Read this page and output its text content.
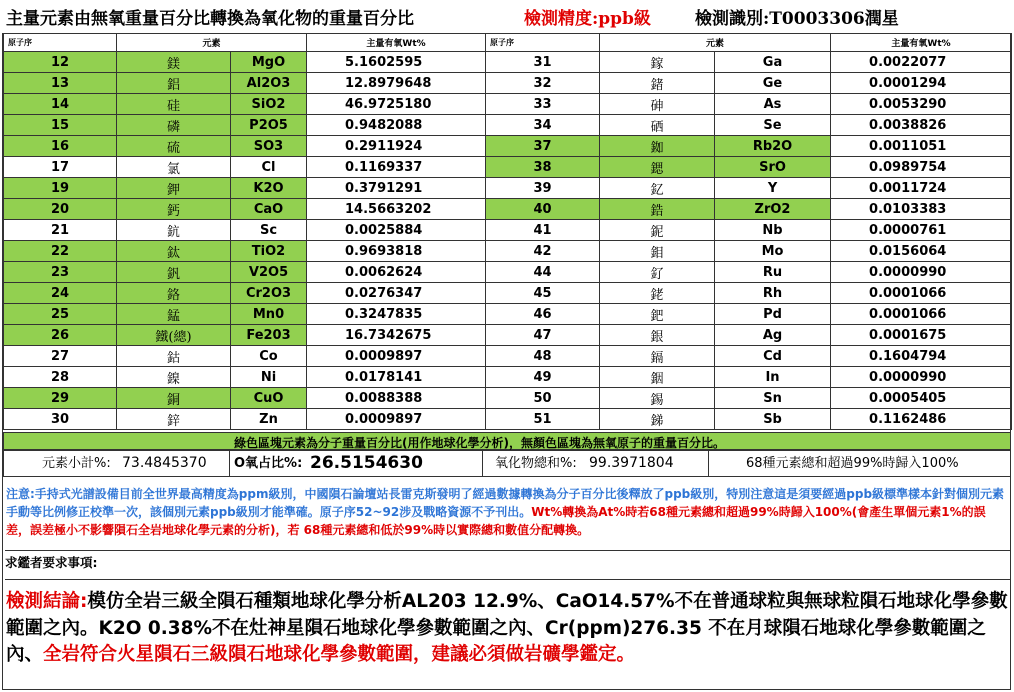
主量元素由無氧重量百分比轉換為氧化物的重量百分比	檢測精度:ppb級	檢測識別:T0003306潤星
原子序	元素		主量有氧Wt%	原子序	元素		主量有氧Wt%
12	鎂	MgO	5.1602595	31	鎵	Ga	0.0022077
13	鋁	Al2O3	12.8979648	32	鍺	Ge	0.0001294
14	硅	SiO2	46.9725180	33	砷	As	0.0053290
15	磷	P2O5	0.9482088	34	硒	Se	0.0038826
16	硫	SO3	0.2911924	37	銣	Rb2O	0.0011051
17	氯	Cl	0.1169337	38	鍶	SrO	0.0989754
19	鉀	K2O	0.3791291	39	釔	Y	0.0011724
20	鈣	CaO	14.5663202	40	鋯	ZrO2	0.0103383
21	鈧	Sc	0.0025884	41	鈮	Nb	0.0000761
22	鈦	TiO2	0.9693818	42	鉬	Mo	0.0156064
23	釩	V2O5	0.0062624	44	釕	Ru	0.0000990
24	鉻	Cr2O3	0.0276347	45	銠	Rh	0.0001066
25	錳	Mn0	0.3247835	46	鈀	Pd	0.0001066
26	鐵(總)	Fe203	16.7342675	47	銀	Ag	0.0001675
27	鈷	Co	0.0009897	48	鎘	Cd	0.1604794
28	鎳	Ni	0.0178141	49	銦	In	0.0000990
29	銅	CuO	0.0088388	50	錫	Sn	0.0005405
30	鋅	Zn	0.0009897	51	銻	Sb	0.1162486
綠色區塊元素為分子重量百分比(用作地球化學分析)，無顏色區塊為無氧原子的重量百分比。
元素小計%: 73.4845370 O氧占比%: 26.5154630	氧化物總和%: 99.3971804	68種元素總和超過99%時歸入100%
注意:手持式光譜設備目前全世界最高精度為ppm級別，中國隕石論壇站長雷克斯發明了經過數據轉換為分子百分比後釋放了ppb級別，特別注意這是須要經過ppb級標準樣本針對個別元素手動等比例修正校準一次，該個別元素ppb級別才能準確。原子序52~92涉及戰略資源不予刊出。Wt%轉換為At%時若68種元素總和超過99%時歸入100%(會產生單個元素1%的誤差，誤差極小不影響隕石全岩地球化學元素的分析)，若 68種元素總和低於99%時以實際總和數值分配轉換。
求鑑者要求事項:
檢測結論:模仿全岩三級全隕石種類地球化學分析AL203 12.9%、CaO14.57%不在普通球粒與無球粒隕石地球化學參數範圍之內。K2O 0.38%不在灶神星隕石地球化學參數範圍之內、Cr(ppm)276.35 不在月球隕石地球化學參數範圍之內、全岩符合火星隕石三級隕石地球化學參數範圍，建議必須做岩礦學鑑定。
